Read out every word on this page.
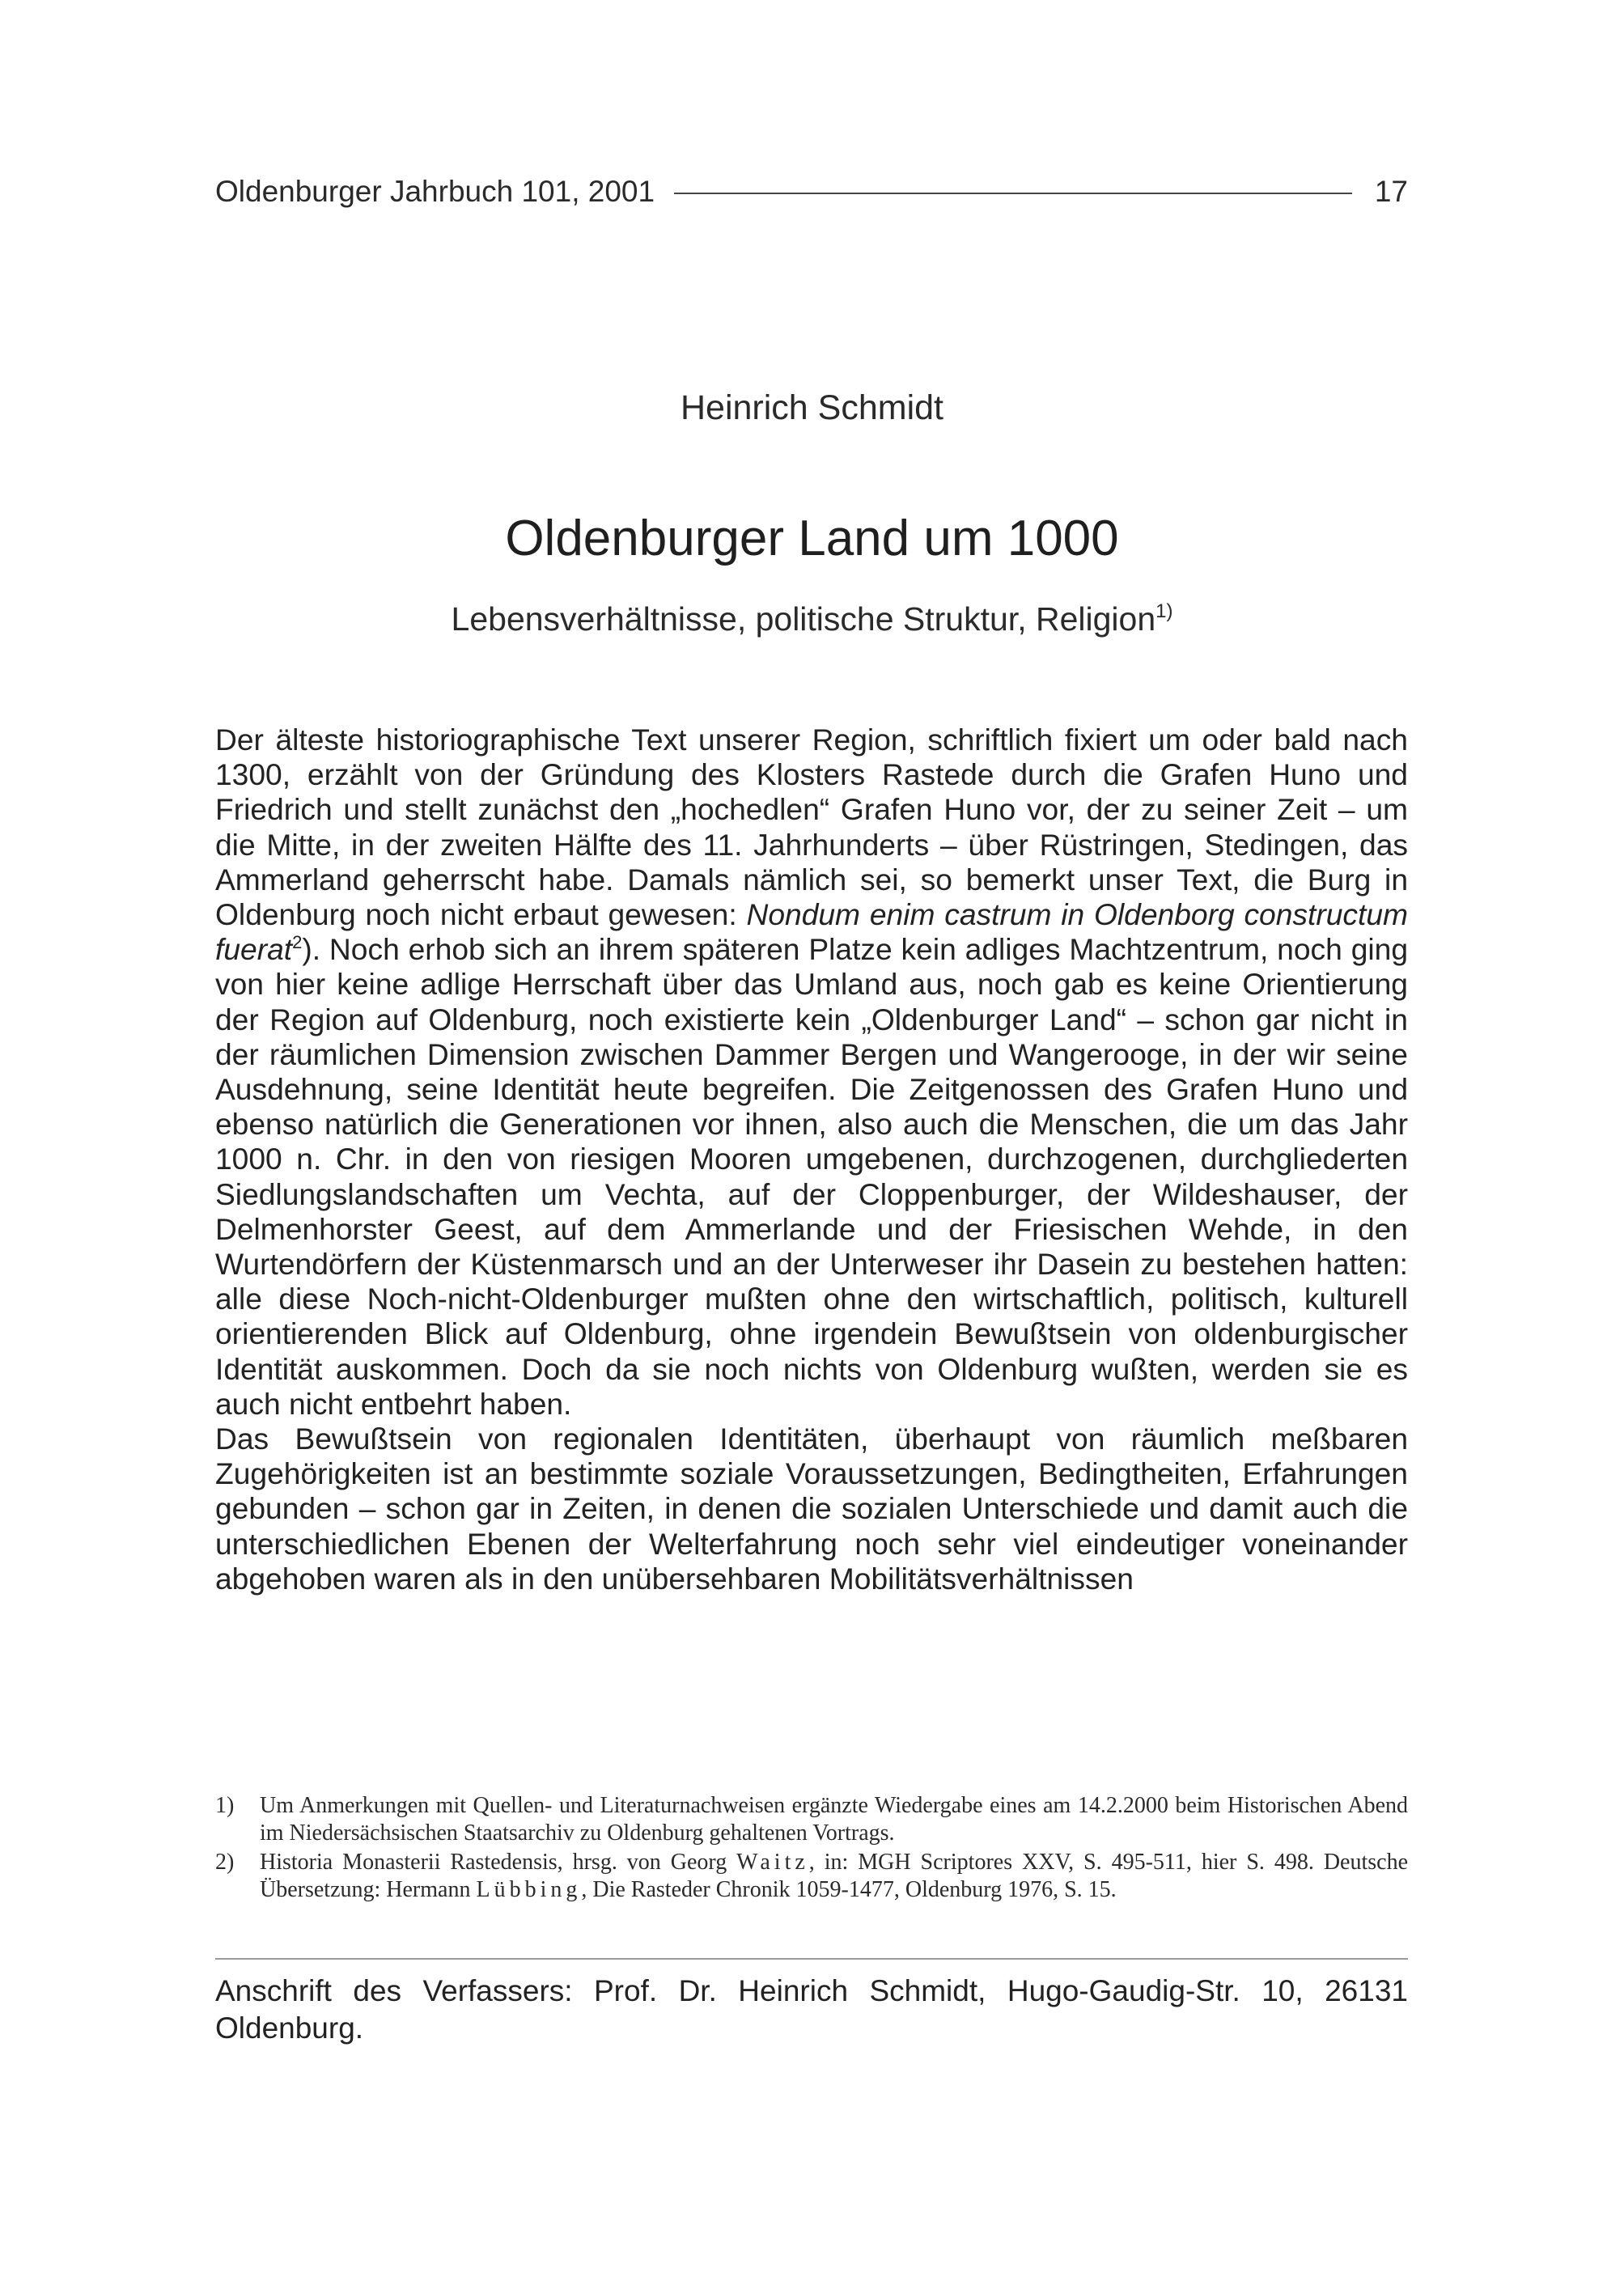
Oldenburger Jahrbuch 101, 2001	17
Heinrich Schmidt
Oldenburger Land um 1000
Lebensverhältnisse, politische Struktur, Religion$^{1)}$

Der älteste historiographische Text unserer Region, schriftlich fixiert um oder bald nach 1300, erzählt von der Gründung des Klosters Rastede durch die Grafen Huno und Friedrich und stellt zunächst den „hochedlen“ Grafen Huno vor, der zu seiner Zeit – um die Mitte, in der zweiten Hälfte des 11. Jahrhunderts – über Rüstringen, Stedingen, das Ammerland geherrscht habe. Damals nämlich sei, so bemerkt unser Text, die Burg in Oldenburg noch nicht erbaut gewesen: Nondum enim castrum in Oldenborg constructum fuerat$^2$). Noch erhob sich an ihrem späteren Platze kein adliges Machtzentrum, noch ging von hier keine adlige Herrschaft über das Umland aus, noch gab es keine Orientierung der Region auf Oldenburg, noch existierte kein „Oldenburger Land“ – schon gar nicht in der räumlichen Dimension zwischen Dammer Bergen und Wangerooge, in der wir seine Ausdehnung, seine Identität heute begreifen. Die Zeitgenossen des Grafen Huno und ebenso natürlich die Generationen vor ihnen, also auch die Menschen, die um das Jahr 1000 n. Chr. in den von riesigen Mooren umgebenen, durchzogenen, durchgliederten Siedlungslandschaften um Vechta, auf der Cloppenburger, der Wildeshauser, der Delmenhorster Geest, auf dem Ammerlande und der Friesischen Wehde, in den Wurtendörfern der Küstenmarsch und an der Unterweser ihr Dasein zu bestehen hatten: alle diese Noch-nicht-Oldenburger mußten ohne den wirtschaftlich, politisch, kulturell orientierenden Blick auf Oldenburg, ohne irgendein Bewußtsein von oldenburgischer Identität auskommen. Doch da sie noch nichts von Oldenburg wußten, werden sie es auch nicht entbehrt haben.

Das Bewußtsein von regionalen Identitäten, überhaupt von räumlich meßbaren Zugehörigkeiten ist an bestimmte soziale Voraussetzungen, Bedingtheiten, Erfahrungen gebunden – schon gar in Zeiten, in denen die sozialen Unterschiede und damit auch die unterschiedlichen Ebenen der Welterfahrung noch sehr viel eindeutiger voneinander abgehoben waren als in den unübersehbaren Mobilitätsverhältnissen

1)	Um Anmerkungen mit Quellen- und Literaturnachweisen ergänzte Wiedergabe eines am 14.2.2000 beim Historischen Abend im Niedersächsischen Staatsarchiv zu Oldenburg gehaltenen Vortrags.
2)	Historia Monasterii Rastedensis, hrsg. von Georg Waitz, in: MGH Scriptores XXV, S. 495-511, hier S. 498. Deutsche Übersetzung: Hermann Lübbing, Die Rasteder Chronik 1059-1477, Oldenburg 1976, S. 15.
Anschrift des Verfassers: Prof. Dr. Heinrich Schmidt, Hugo-Gaudig-Str. 10, 26131 Oldenburg.
